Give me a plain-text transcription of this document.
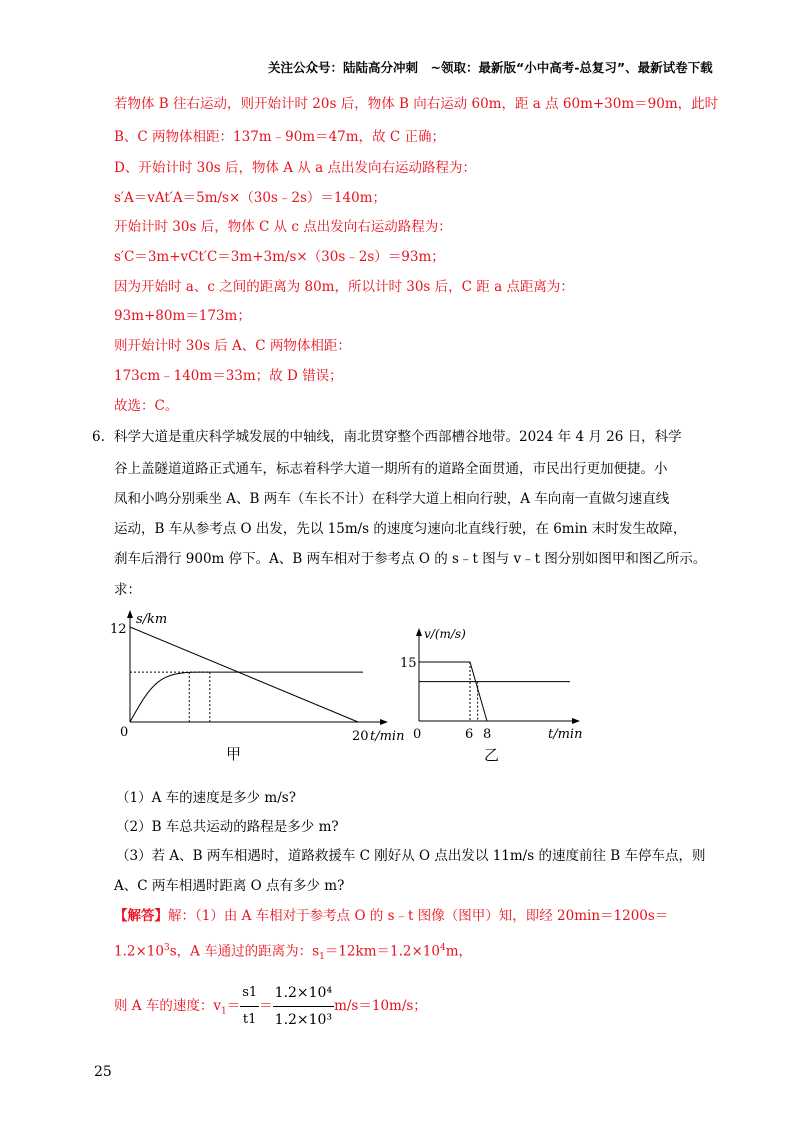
关注公众号：陆陆高分冲刺　~领取：最新版“小中高考-总复习”、最新试卷下载
若物体 B 往右运动，则开始计时 20s 后，物体 B 向右运动 60m，距 a 点 60m+30m＝90m，此时
B、C 两物体相距：137m﹣90m＝47m，故 C 正确；
D、开始计时 30s 后，物体 A 从 a 点出发向右运动路程为：
s′A＝vAt′A＝5m/s×（30s﹣2s）＝140m；
开始计时 30s 后，物体 C 从 c 点出发向右运动路程为：
s′C＝3m+vCt′C＝3m+3m/s×（30s﹣2s）＝93m；
因为开始时 a、c 之间的距离为 80m，所以计时 30s 后，C 距 a 点距离为：
93m+80m＝173m；
则开始计时 30s 后 A、C 两物体相距：
173cm﹣140m＝33m；故 D 错误；
故选：C。
6. 科学大道是重庆科学城发展的中轴线，南北贯穿整个西部槽谷地带。2024 年 4 月 26 日，科学
谷上盖隧道道路正式通车，标志着科学大道一期所有的道路全面贯通，市民出行更加便捷。小
凤和小鸣分别乘坐 A、B 两车（车长不计）在科学大道上相向行驶，A 车向南一直做匀速直线
运动，B 车从参考点 O 出发，先以 15m/s 的速度匀速向北直线行驶，在 6min 末时发生故障，
刹车后滑行 900m 停下。A、B 两车相对于参考点 O 的 s﹣t 图与 v﹣t 图分别如图甲和图乙所示。
求：
s/km
12
0	20 t/min
甲
v/(m/s)
15
0	6 8	t/min
乙
（1）A 车的速度是多少 m/s?
（2）B 车总共运动的路程是多少 m?
（3）若 A、B 两车相遇时，道路救援车 C 刚好从 O 点出发以 11m/s 的速度前往 B 车停车点，则
A、C 两车相遇时距离 O 点有多少 m?
【解答】解：（1）由 A 车相对于参考点 O 的 s﹣t 图像（图甲）知，即经 20min＝1200s＝
$1.2\times 10^3s$，A 车通过的距离为：$s_1=12km=1.2\times 10^4m$，
则 A 车的速度：$v_1= \frac{s1}{t1} = \frac{\text{1.2×10⁴}}{\text{1.2×10³}} m/s=10m/s$；
25
